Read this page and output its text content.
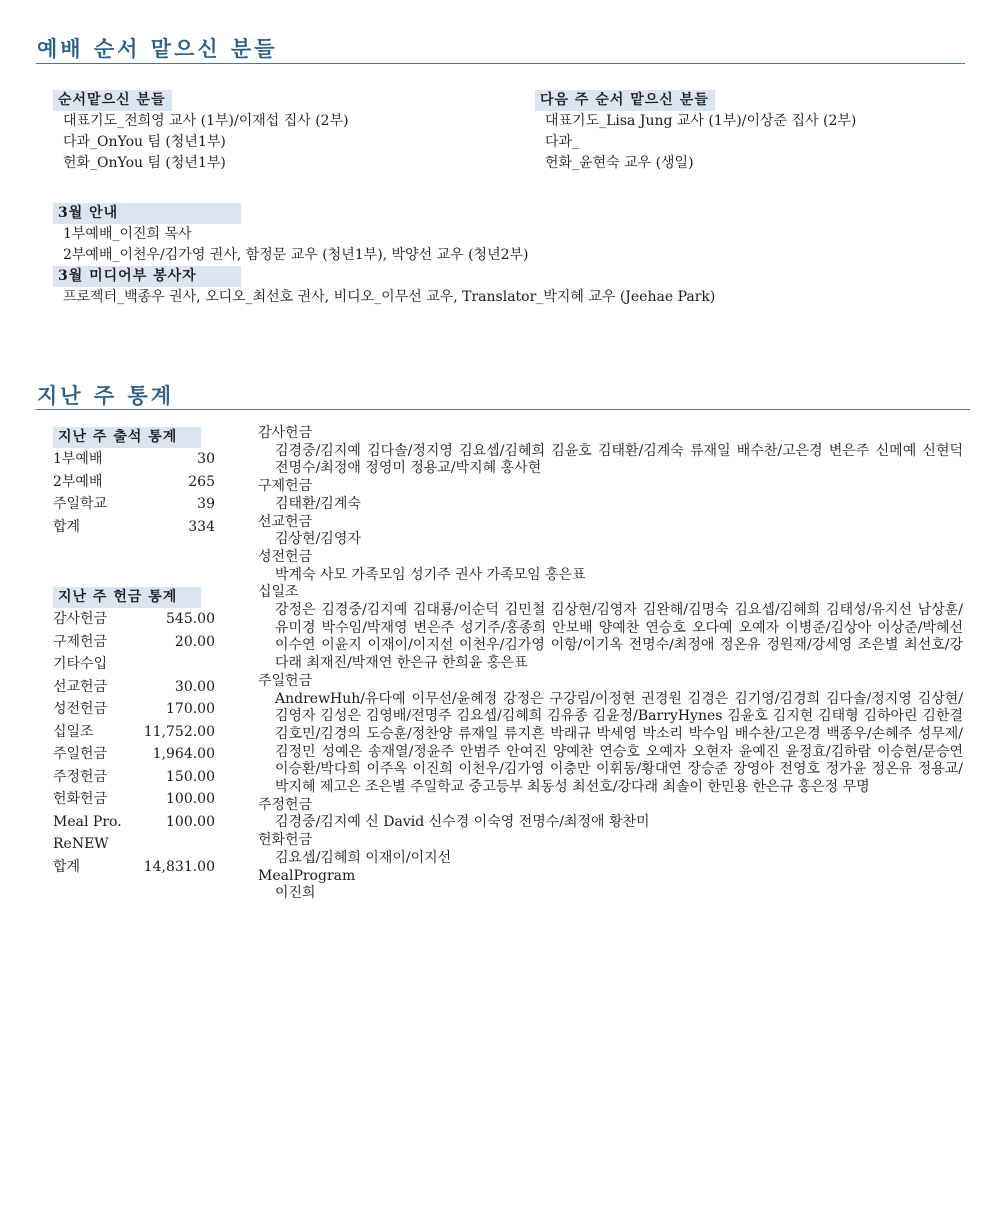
예배 순서 맡으신 분들
순서맡으신 분들
대표기도_전희영 교사 (1부)/이재섭 집사 (2부)
다과_OnYou 팀 (청년1부)
헌화_OnYou 팀 (청년1부)
다음 주 순서 맡으신 분들
대표기도_Lisa Jung 교사 (1부)/이상준 집사 (2부)
다과_
헌화_윤현숙 교우 (생일)
3월 안내
1부예배_이진희 목사
2부예배_이천우/김가영 권사, 함정문 교우 (청년1부), 박양선 교우 (청년2부)
3월 미디어부 봉사자
프로젝터_백종우 권사, 오디오_최선호 권사, 비디오_이무선 교우, Translator_박지혜 교우 (Jeehae Park)
지난 주 통계
지난 주 출석 통계
1부예배	30
2부예배	265
주일학교	39
합계	334
지난 주 헌금 통계
감사헌금	545.00
구제헌금	20.00
기타수입
선교헌금	30.00
성전헌금	170.00
십일조	11,752.00
주일헌금	1,964.00
주정헌금	150.00
헌화헌금	100.00
Meal Pro.	100.00
ReNEW
합계	14,831.00
감사헌금
김경중/김지예 김다솔/정지영 김요셉/김혜희 김윤호 김태환/김계숙 류재일 배수찬/고은경 변은주 신메예 신현덕 전명수/최정애 정영미 정용교/박지혜 홍사현
구제헌금
김태환/김계숙
선교헌금
김상현/김영자
성전헌금
박계숙 사모 가족모임 성기주 권사 가족모임 홍은표
십일조
강정은 김경중/김지예 김대룡/이순덕 김민철 김상현/김영자 김완해/김명숙 김요셉/김혜희 김태성/유지선 남상훈/유미경 박수임/박재영 변은주 성기주/홍종희 안보배 양예찬 연승호 오다예 오예자 이병준/김상아 이상준/박혜선 이수연 이윤지 이재이/이지선 이천우/김가영 이항/이기옥 전명수/최정애 정온유 정원재/강세영 조은별 최선호/강다래 최재진/박재연 한은규 한희윤 홍은표
주일헌금
AndrewHuh/유다예 이무선/윤혜정 강정은 구강림/이정현 권경원 김경은 김기영/김경희 김다솔/정지영 김상현/김영자 김성은 김영배/전명주 김요셉/김혜희 김유종 김윤정/BarryHynes 김윤호 김지현 김태형 김하아린 김한결 김호민/김경의 도승훈/정찬양 류재일 류지흔 박래규 박세영 박소리 박수임 배수찬/고은경 백종우/손혜주 성무제/김정민 성예은 송재열/정윤주 안범주 안여진 양예찬 연승호 오예자 오현자 윤예진 윤정효/김하람 이승현/문승연 이승환/박다희 이주옥 이진희 이천우/김가영 이충만 이휘동/황대연 장승준 장영아 전영호 정가윤 정온유 정용교/박지혜 제고은 조은별 주일학교 중고등부 최동성 최선호/강다래 최솔이 한민용 한은규 홍은정 무명
주정헌금
김경중/김지예 신 David 신수경 이숙영 전명수/최정애 황찬미
헌화헌금
김요셉/김혜희 이재이/이지선
MealProgram
이진희
